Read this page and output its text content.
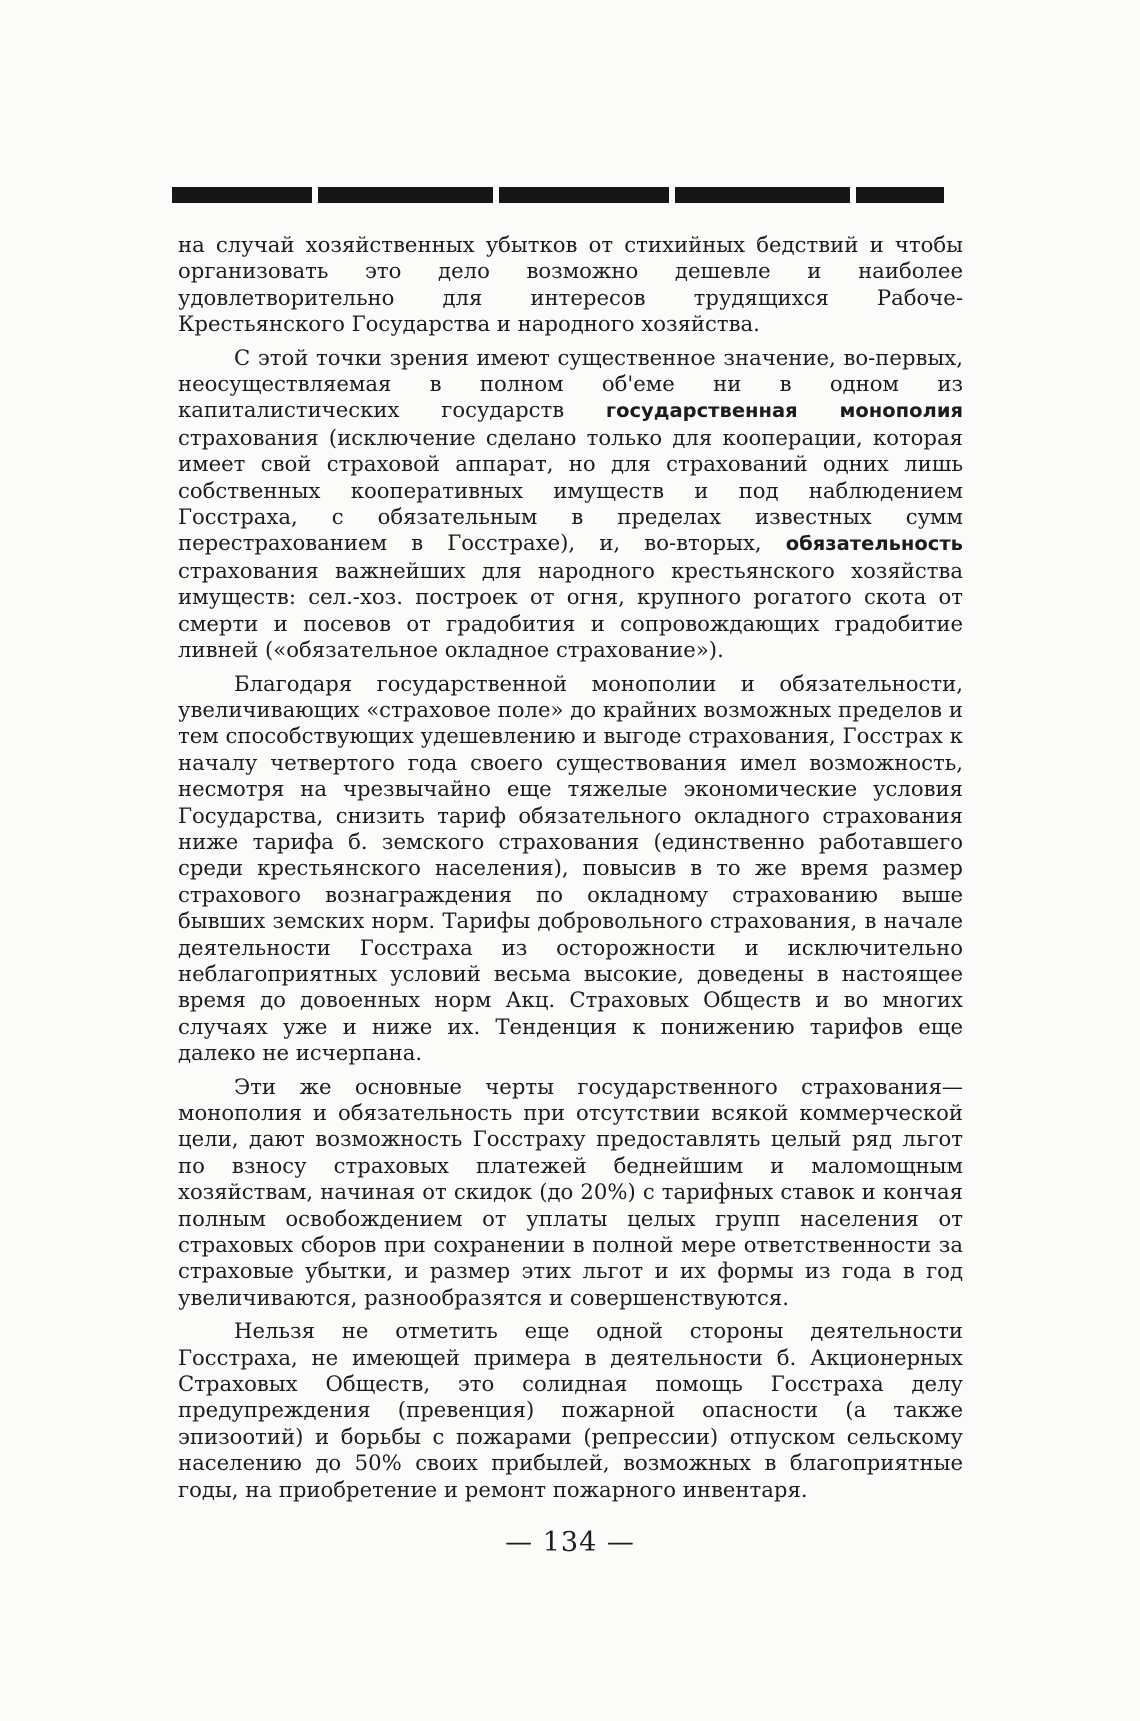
на случай хозяйственных убытков от стихийных бедствий и чтобы организовать это дело возможно дешевле и наиболее удовлетворительно для интересов трудящихся Рабоче-Крестьянского Государства и народного хозяйства.

С этой точки зрения имеют существенное значение, во-первых, неосуществляемая в полном об'еме ни в одном из капиталистических государств государственная монополия страхования (исключение сделано только для кооперации, которая имеет свой страховой аппарат, но для страхований одних лишь собственных кооперативных имуществ и под наблюдением Госстраха, с обязательным в пределах известных сумм перестрахованием в Госстрахе), и, во-вторых, обязательность страхования важнейших для народного крестьянского хозяйства имуществ: сел.-хоз. построек от огня, крупного рогатого скота от смерти и посевов от градобития и сопровождающих градобитие ливней («обязательное окладное страхование»).

Благодаря государственной монополии и обязательности, увеличивающих «страховое поле» до крайних возможных пределов и тем способствующих удешевлению и выгоде страхования, Госстрах к началу четвертого года своего существования имел возможность, несмотря на чрезвычайно еще тяжелые экономические условия Государства, снизить тариф обязательного окладного страхования ниже тарифа б. земского страхования (единственно работавшего среди крестьянского населения), повысив в то же время размер страхового вознаграждения по окладному страхованию выше бывших земских норм. Тарифы добровольного страхования, в начале деятельности Госстраха из осторожности и исключительно неблагоприятных условий весьма высокие, доведены в настоящее время до довоенных норм Акц. Страховых Обществ и во многих случаях уже и ниже их. Тенденция к понижению тарифов еще далеко не исчерпана.

Эти же основные черты государственного страхования—монополия и обязательность при отсутствии всякой коммерческой цели, дают возможность Госстраху предоставлять целый ряд льгот по взносу страховых платежей беднейшим и маломощным хозяйствам, начиная от скидок (до 20%) с тарифных ставок и кончая полным освобождением от уплаты целых групп населения от страховых сборов при сохранении в полной мере ответственности за страховые убытки, и размер этих льгот и их формы из года в год увеличиваются, разнообразятся и совершенствуются.

Нельзя не отметить еще одной стороны деятельности Госстраха, не имеющей примера в деятельности б. Акционерных Страховых Обществ, это солидная помощь Госстраха делу предупреждения (превенция) пожарной опасности (а также эпизоотий) и борьбы с пожарами (репрессии) отпуском сельскому населению до 50% своих прибылей, возможных в благоприятные годы, на приобретение и ремонт пожарного инвентаря.

— 134 —
